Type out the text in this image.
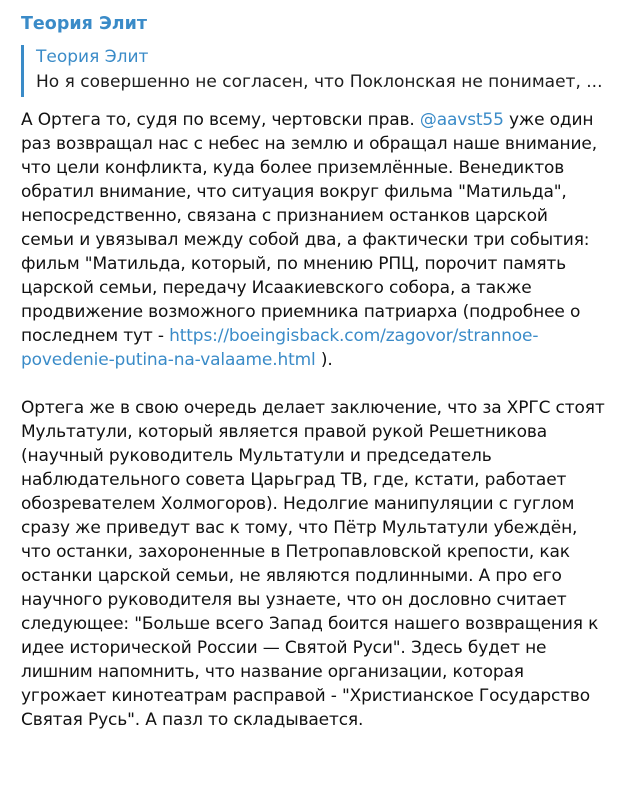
Теория Элит
Теория Элит
Но я совершенно не согласен, что Поклонская не понимает, ...
А Ортега то, судя по всему, чертовски прав. @aavst55 уже один
раз возвращал нас с небес на землю и обращал наше внимание,
что цели конфликта, куда более приземлённые. Венедиктов
обратил внимание, что ситуация вокруг фильма "Матильда",
непосредственно, связана с признанием останков царской
семьи и увязывал между собой два, а фактически три события:
фильм "Матильда, который, по мнению РПЦ, порочит память
царской семьи, передачу Исаакиевского собора, а также
продвижение возможного приемника патриарха (подробнее о
последнем тут - https://boeingisback.com/zagovor/strannoe-
povedenie-putina-na-valaame.html ).
Ортега же в свою очередь делает заключение, что за ХРГС стоят
Мультатули, который является правой рукой Решетникова
(научный руководитель Мультатули и председатель
наблюдательного совета Царьград ТВ, где, кстати, работает
обозревателем Холмогоров). Недолгие манипуляции с гуглом
сразу же приведут вас к тому, что Пётр Мультатули убеждён,
что останки, захороненные в Петропавловской крепости, как
останки царской семьи, не являются подлинными. А про его
научного руководителя вы узнаете, что он дословно считает
следующее: "Больше всего Запад боится нашего возвращения к
идее исторической России — Святой Руси". Здесь будет не
лишним напомнить, что название организации, которая
угрожает кинотеатрам расправой - "Христианское Государство
Святая Русь". А пазл то складывается.
